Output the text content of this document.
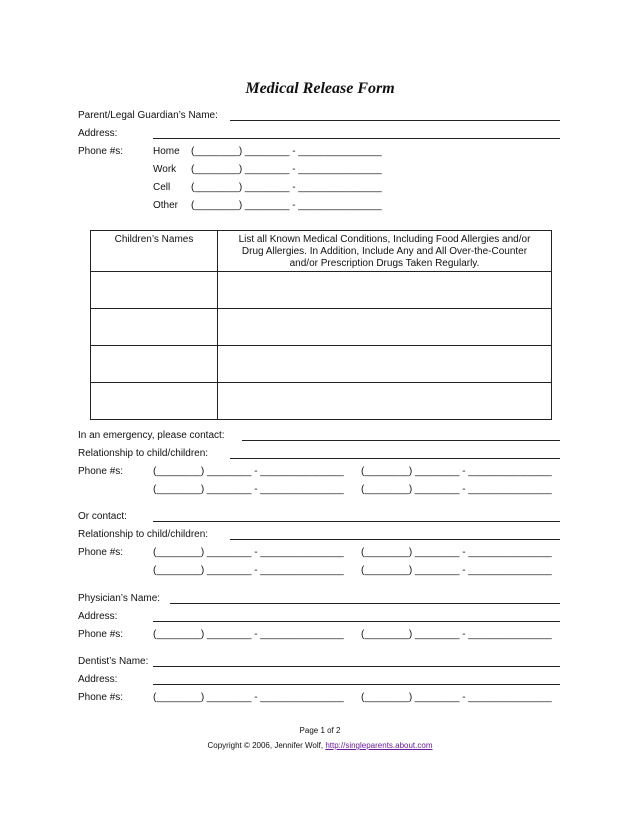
Medical Release Form
Parent/Legal Guardian’s Name:
Address:
Phone #s:	Home (________) ________ - _______________
Work (________) ________ - _______________
Cell (________) ________ - _______________
Other (________) ________ - _______________
Children’s Names	List all Known Medical Conditions, Including Food Allergies and/or Drug Allergies. In Addition, Include Any and All Over-the-Counter and/or Prescription Drugs Taken Regularly.

In an emergency, please contact:
Relationship to child/children:
Phone #s:	(________) ________ - _______________ (________) ________ - _______________
(________) ________ - _______________ (________) ________ - _______________
Or contact:
Relationship to child/children:
Phone #s:	(________) ________ - _______________ (________) ________ - _______________
(________) ________ - _______________ (________) ________ - _______________
Physician’s Name:
Address:
Phone #s:	(________) ________ - _______________ (________) ________ - _______________
Dentist’s Name:
Address:
Phone #s:	(________) ________ - _______________ (________) ________ - _______________
Page 1 of 2
Copyright © 2006, Jennifer Wolf, http://singleparents.about.com
